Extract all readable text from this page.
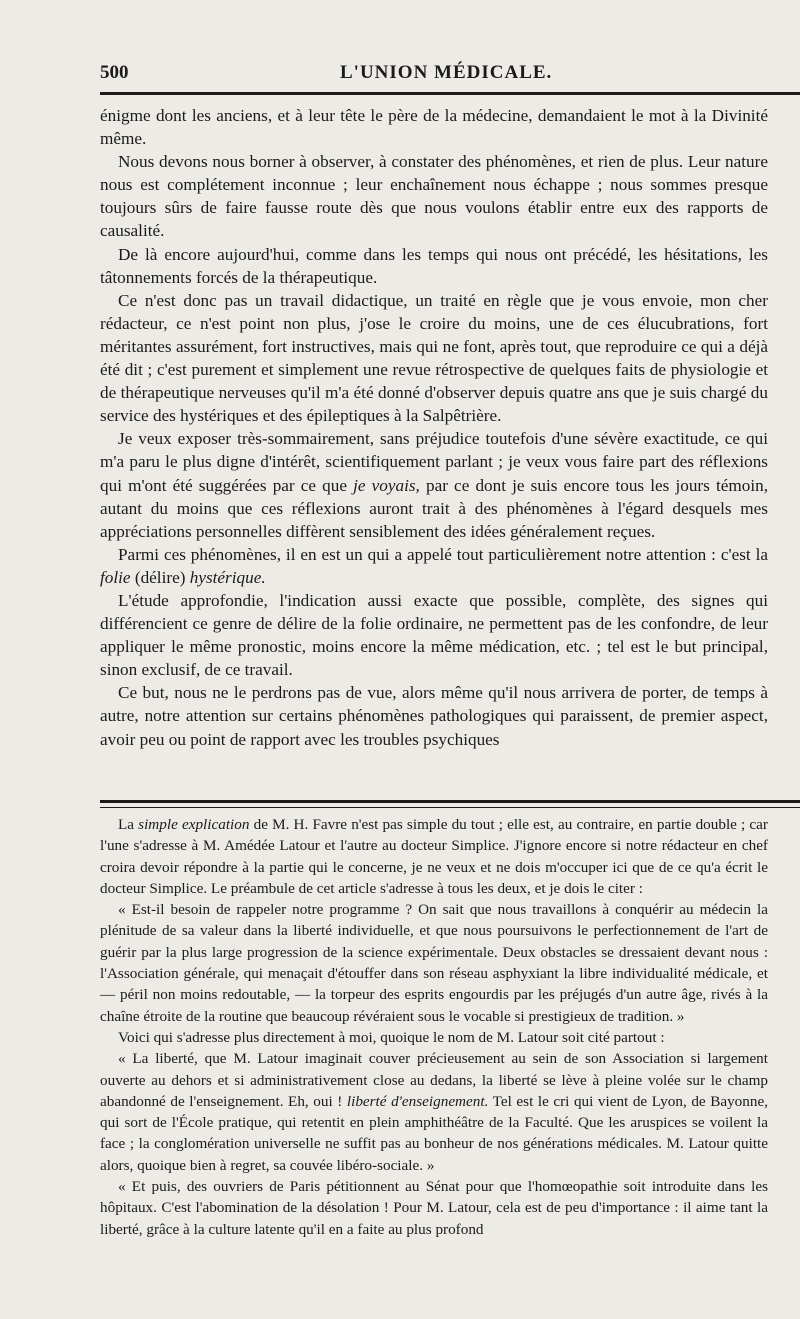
500	L'UNION MÉDICALE.

énigme dont les anciens, et à leur tête le père de la médecine, demandaient le mot à la Divinité même.

Nous devons nous borner à observer, à constater des phénomènes, et rien de plus. Leur nature nous est complétement inconnue ; leur enchaînement nous échappe ; nous sommes presque toujours sûrs de faire fausse route dès que nous voulons établir entre eux des rapports de causalité.

De là encore aujourd'hui, comme dans les temps qui nous ont précédé, les hésitations, les tâtonnements forcés de la thérapeutique.

Ce n'est donc pas un travail didactique, un traité en règle que je vous envoie, mon cher rédacteur, ce n'est point non plus, j'ose le croire du moins, une de ces élucubrations, fort méritantes assurément, fort instructives, mais qui ne font, après tout, que reproduire ce qui a déjà été dit ; c'est purement et simplement une revue rétrospective de quelques faits de physiologie et de thérapeutique nerveuses qu'il m'a été donné d'observer depuis quatre ans que je suis chargé du service des hystériques et des épileptiques à la Salpêtrière.

Je veux exposer très-sommairement, sans préjudice toutefois d'une sévère exactitude, ce qui m'a paru le plus digne d'intérêt, scientifiquement parlant ; je veux vous faire part des réflexions qui m'ont été suggérées par ce que je voyais, par ce dont je suis encore tous les jours témoin, autant du moins que ces réflexions auront trait à des phénomènes à l'égard desquels mes appréciations personnelles diffèrent sensiblement des idées généralement reçues.

Parmi ces phénomènes, il en est un qui a appelé tout particulièrement notre attention : c'est la folie (délire) hystérique.

L'étude approfondie, l'indication aussi exacte que possible, complète, des signes qui différencient ce genre de délire de la folie ordinaire, ne permettent pas de les confondre, de leur appliquer le même pronostic, moins encore la même médication, etc. ; tel est le but principal, sinon exclusif, de ce travail.

Ce but, nous ne le perdrons pas de vue, alors même qu'il nous arrivera de porter, de temps à autre, notre attention sur certains phénomènes pathologiques qui paraissent, de premier aspect, avoir peu ou point de rapport avec les troubles psychiques

La simple explication de M. H. Favre n'est pas simple du tout ; elle est, au contraire, en partie double ; car l'une s'adresse à M. Amédée Latour et l'autre au docteur Simplice. J'ignore encore si notre rédacteur en chef croira devoir répondre à la partie qui le concerne, je ne veux et ne dois m'occuper ici que de ce qu'a écrit le docteur Simplice. Le préambule de cet article s'adresse à tous les deux, et je dois le citer :

« Est-il besoin de rappeler notre programme ? On sait que nous travaillons à conquérir au médecin la plénitude de sa valeur dans la liberté individuelle, et que nous poursuivons le perfectionnement de l'art de guérir par la plus large progression de la science expérimentale. Deux obstacles se dressaient devant nous : l'Association générale, qui menaçait d'étouffer dans son réseau asphyxiant la libre individualité médicale, et — péril non moins redoutable, — la torpeur des esprits engourdis par les préjugés d'un autre âge, rivés à la chaîne étroite de la routine que beaucoup révéraient sous le vocable si prestigieux de tradition. »

Voici qui s'adresse plus directement à moi, quoique le nom de M. Latour soit cité partout :

« La liberté, que M. Latour imaginait couver précieusement au sein de son Association si largement ouverte au dehors et si administrativement close au dedans, la liberté se lève à pleine volée sur le champ abandonné de l'enseignement. Eh, oui ! liberté d'enseignement. Tel est le cri qui vient de Lyon, de Bayonne, qui sort de l'École pratique, qui retentit en plein amphithéâtre de la Faculté. Que les aruspices se voilent la face ; la conglomération universelle ne suffit pas au bonheur de nos générations médicales. M. Latour quitte alors, quoique bien à regret, sa couvée libéro-sociale. »

« Et puis, des ouvriers de Paris pétitionnent au Sénat pour que l'homœopathie soit introduite dans les hôpitaux. C'est l'abomination de la désolation ! Pour M. Latour, cela est de peu d'importance : il aime tant la liberté, grâce à la culture latente qu'il en a faite au plus profond
